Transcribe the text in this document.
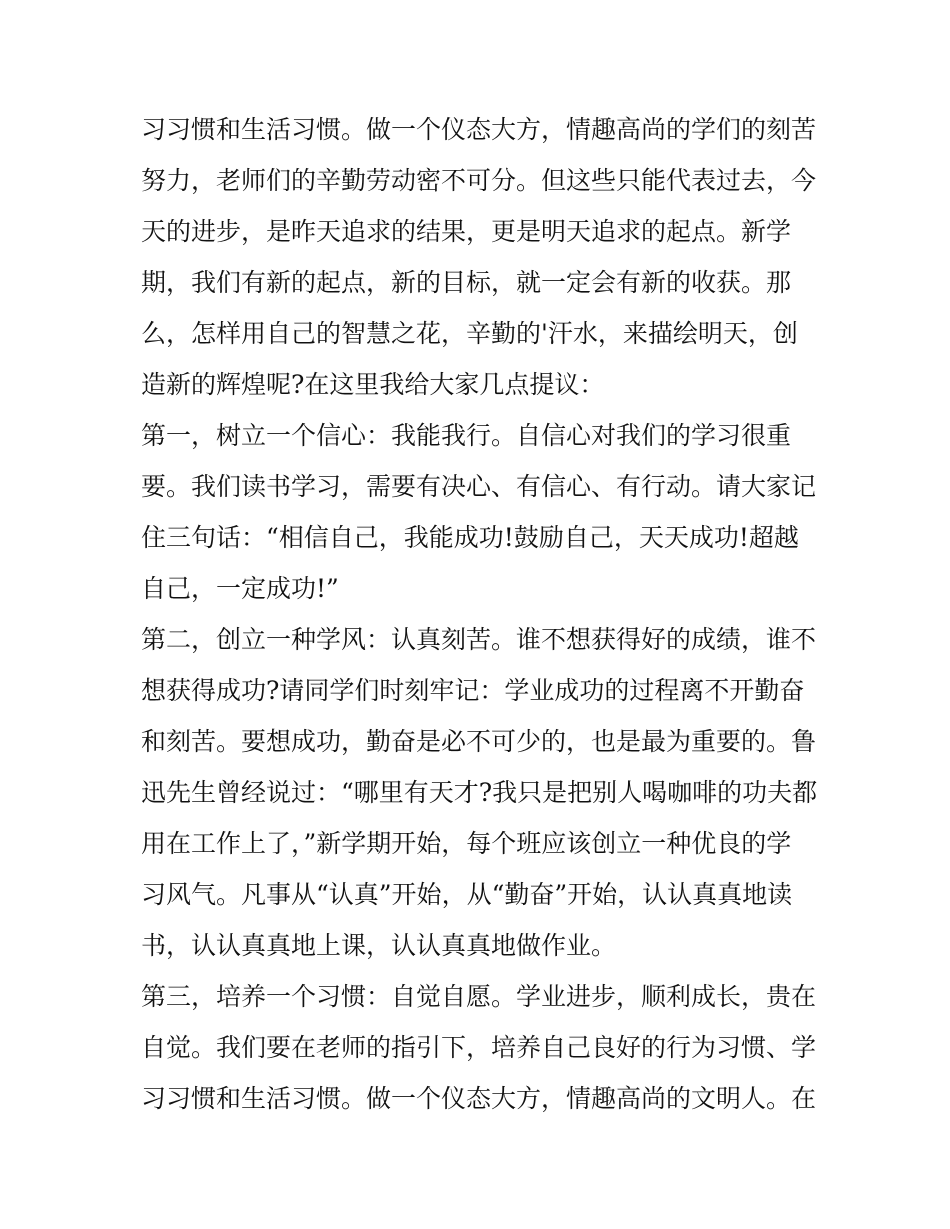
习习惯和生活习惯。做一个仪态大方，情趣高尚的学们的刻苦
努力，老师们的辛勤劳动密不可分。但这些只能代表过去，今
天的进步，是昨天追求的结果，更是明天追求的起点。新学
期，我们有新的起点，新的目标，就一定会有新的收获。那
么，怎样用自己的智慧之花，辛勤的'汗水，来描绘明天，创
造新的辉煌呢?在这里我给大家几点提议：
第一，树立一个信心：我能我行。自信心对我们的学习很重
要。我们读书学习，需要有决心、有信心、有行动。请大家记
住三句话：“相信自己，我能成功!鼓励自己，天天成功!超越
自己，一定成功!”
第二，创立一种学风：认真刻苦。谁不想获得好的成绩，谁不
想获得成功?请同学们时刻牢记：学业成功的过程离不开勤奋
和刻苦。要想成功，勤奋是必不可少的，也是最为重要的。鲁
迅先生曾经说过：“哪里有天才?我只是把别人喝咖啡的功夫都
用在工作上了，”新学期开始，每个班应该创立一种优良的学
习风气。凡事从“认真”开始，从“勤奋”开始，认认真真地读
书，认认真真地上课，认认真真地做作业。
第三，培养一个习惯：自觉自愿。学业进步，顺利成长，贵在
自觉。我们要在老师的指引下，培养自己良好的行为习惯、学
习习惯和生活习惯。做一个仪态大方，情趣高尚的文明人。在
